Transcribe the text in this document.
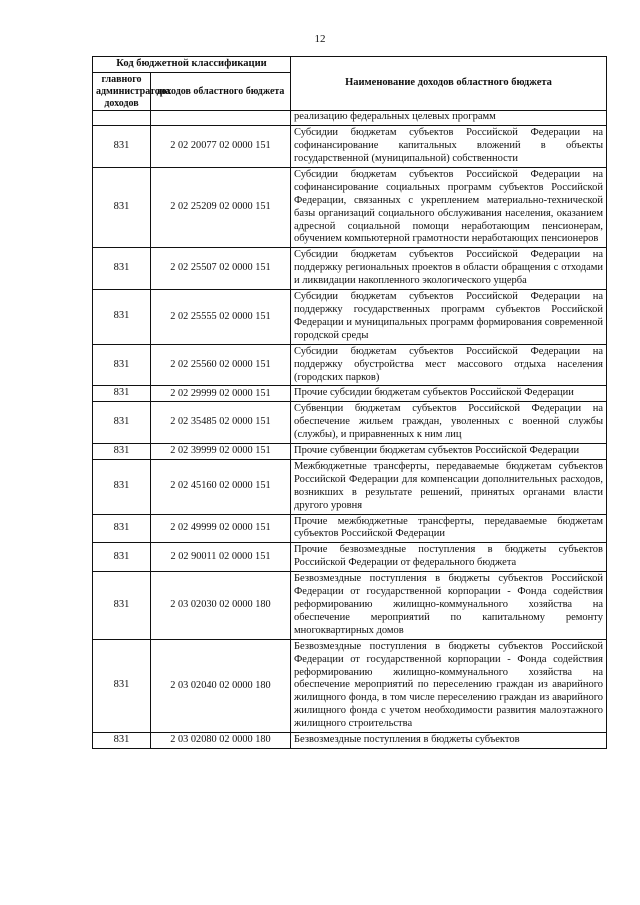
12
Код бюджетной классификации		Наименование доходов областного бюджета
главного администратора доходов	доходов областного бюджета	
		реализацию федеральных целевых программ
831	2 02 20077 02 0000 151	Субсидии бюджетам субъектов Российской Федерации на софинансирование капитальных вложений в объекты государственной (муниципальной) собственности
831	2 02 25209 02 0000 151	Субсидии бюджетам субъектов Российской Федерации на софинансирование социальных программ субъектов Российской Федерации, связанных с укреплением материально-технической базы организаций социального обслуживания населения, оказанием адресной социальной помощи неработающим пенсионерам, обучением компьютерной грамотности неработающих пенсионеров
831	2 02 25507 02 0000 151	Субсидии бюджетам субъектов Российской Федерации на поддержку региональных проектов в области обращения с отходами и ликвидации накопленного экологического ущерба
831	2 02 25555 02 0000 151	Субсидии бюджетам субъектов Российской Федерации на поддержку государственных программ субъектов Российской Федерации и муниципальных программ формирования современной городской среды
831	2 02 25560 02 0000 151	Субсидии бюджетам субъектов Российской Федерации на поддержку обустройства мест массового отдыха населения (городских парков)
831	2 02 29999 02 0000 151	Прочие субсидии бюджетам субъектов Российской Федерации
831	2 02 35485 02 0000 151	Субвенции бюджетам субъектов Российской Федерации на обеспечение жильем граждан, уволенных с военной службы (службы), и приравненных к ним лиц
831	2 02 39999 02 0000 151	Прочие субвенции бюджетам субъектов Российской Федерации
831	2 02 45160 02 0000 151	Межбюджетные трансферты, передаваемые бюджетам субъектов Российской Федерации для компенсации дополнительных расходов, возникших в результате решений, принятых органами власти другого уровня
831	2 02 49999 02 0000 151	Прочие межбюджетные трансферты, передаваемые бюджетам субъектов Российской Федерации
831	2 02 90011 02 0000 151	Прочие безвозмездные поступления в бюджеты субъектов Российской Федерации от федерального бюджета
831	2 03 02030 02 0000 180	Безвозмездные поступления в бюджеты субъектов Российской Федерации от государственной корпорации - Фонда содействия реформированию жилищно-коммунального хозяйства на обеспечение мероприятий по капитальному ремонту многоквартирных домов
831	2 03 02040 02 0000 180	Безвозмездные поступления в бюджеты субъектов Российской Федерации от государственной корпорации - Фонда содействия реформированию жилищно-коммунального хозяйства на обеспечение мероприятий по переселению граждан из аварийного жилищного фонда, в том числе переселению граждан из аварийного жилищного фонда с учетом необходимости развития малоэтажного жилищного строительства
831	2 03 02080 02 0000 180	Безвозмездные поступления в бюджеты субъектов
